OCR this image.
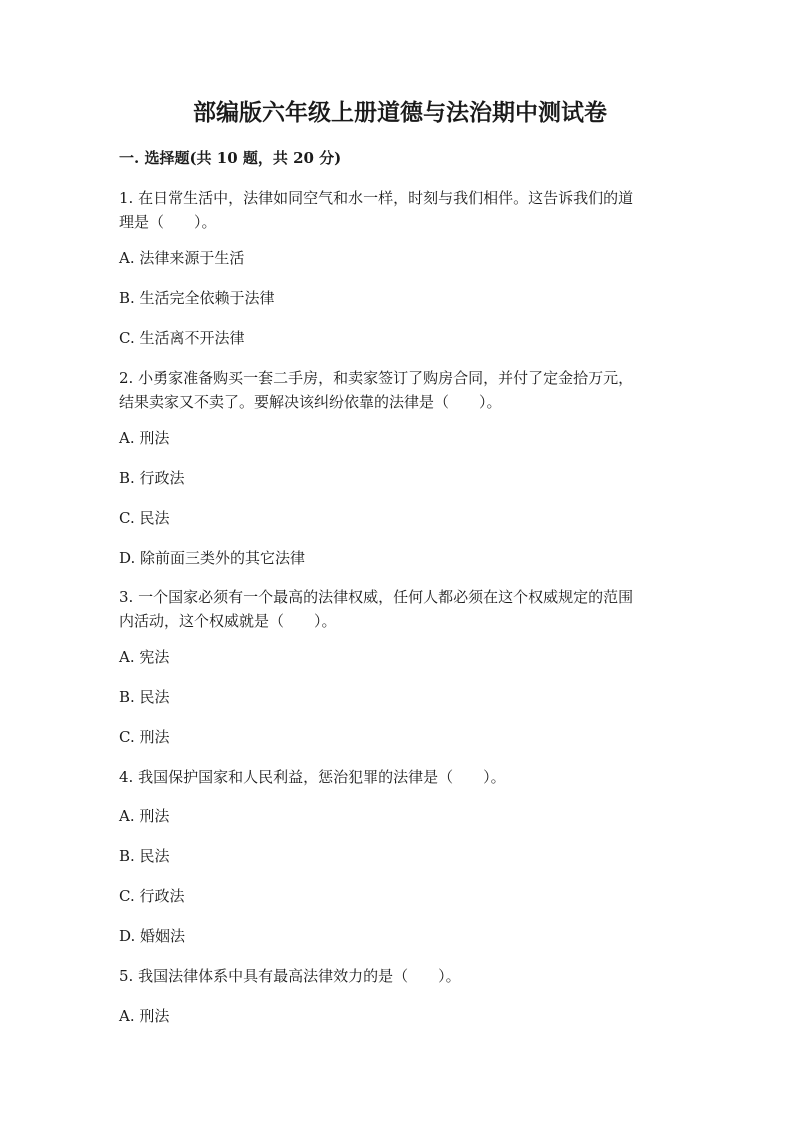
部编版六年级上册道德与法治期中测试卷
一. 选择题(共 10 题，共 20 分)
1. 在日常生活中，法律如同空气和水一样，时刻与我们相伴。这告诉我们的道
理是（　　）。
A. 法律来源于生活
B. 生活完全依赖于法律
C. 生活离不开法律
2. 小勇家准备购买一套二手房，和卖家签订了购房合同，并付了定金拾万元，
结果卖家又不卖了。要解决该纠纷依靠的法律是（　　）。
A. 刑法
B. 行政法
C. 民法
D. 除前面三类外的其它法律
3. 一个国家必须有一个最高的法律权威，任何人都必须在这个权威规定的范围
内活动，这个权威就是（　　）。
A. 宪法
B. 民法
C. 刑法
4. 我国保护国家和人民利益，惩治犯罪的法律是（　　）。
A. 刑法
B. 民法
C. 行政法
D. 婚姻法
5. 我国法律体系中具有最高法律效力的是（　　）。
A. 刑法
